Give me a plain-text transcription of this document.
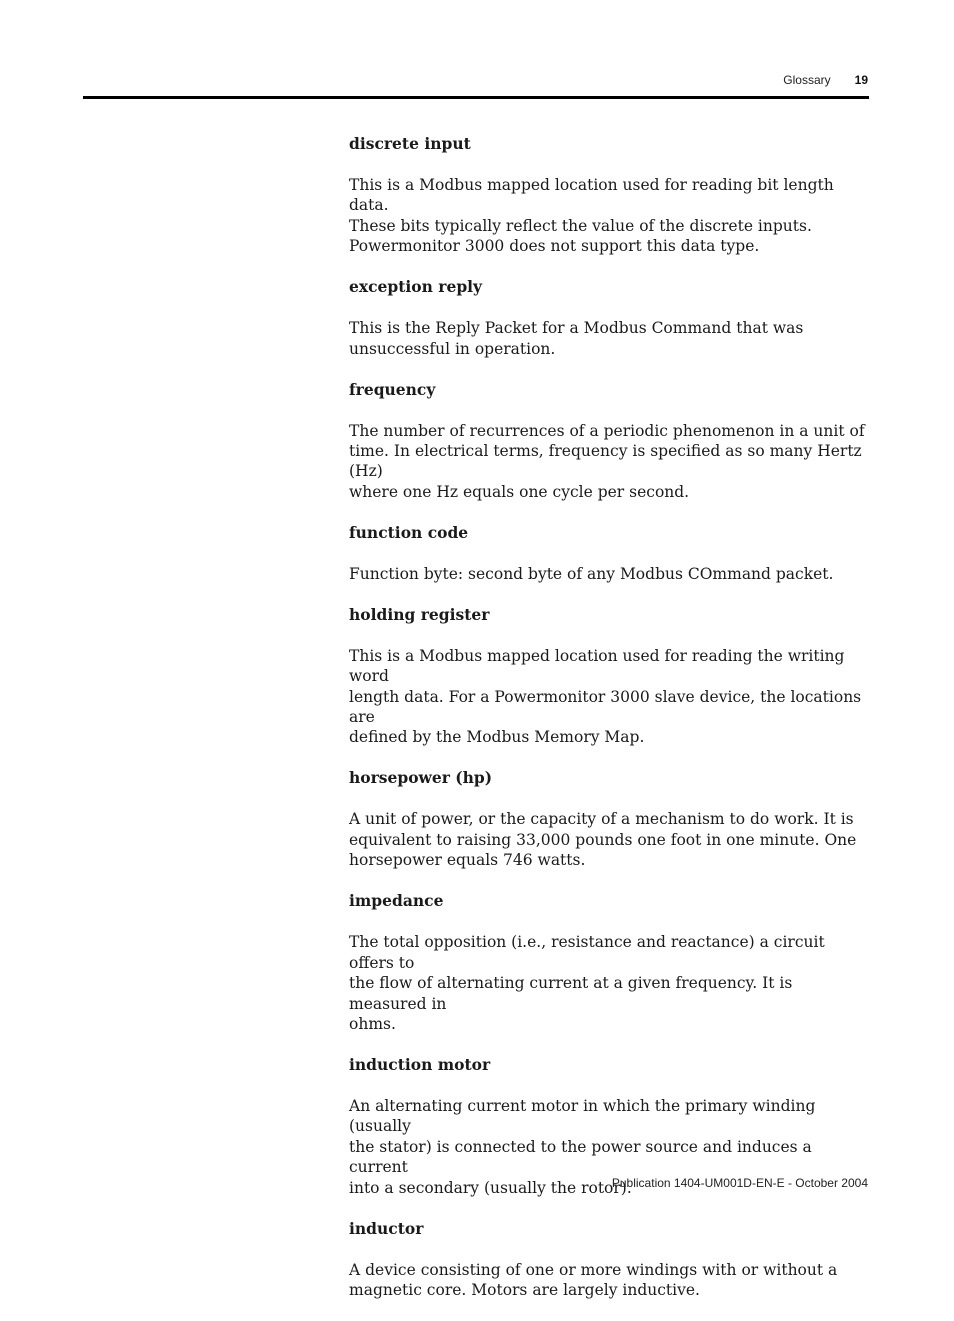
Glossary 19
discrete input
This is a Modbus mapped location used for reading bit length data.
These bits typically reflect the value of the discrete inputs.
Powermonitor 3000 does not support this data type.
exception reply
This is the Reply Packet for a Modbus Command that was
unsuccessful in operation.
frequency
The number of recurrences of a periodic phenomenon in a unit of
time. In electrical terms, frequency is specified as so many Hertz (Hz)
where one Hz equals one cycle per second.
function code
Function byte: second byte of any Modbus COmmand packet.
holding register
This is a Modbus mapped location used for reading the writing word
length data. For a Powermonitor 3000 slave device, the locations are
defined by the Modbus Memory Map.
horsepower (hp)
A unit of power, or the capacity of a mechanism to do work. It is
equivalent to raising 33,000 pounds one foot in one minute. One
horsepower equals 746 watts.
impedance
The total opposition (i.e., resistance and reactance) a circuit offers to
the flow of alternating current at a given frequency. It is measured in
ohms.
induction motor
An alternating current motor in which the primary winding (usually
the stator) is connected to the power source and induces a current
into a secondary (usually the rotor).
inductor
A device consisting of one or more windings with or without a
magnetic core. Motors are largely inductive.
Publication 1404-UM001D-EN-E - October 2004
